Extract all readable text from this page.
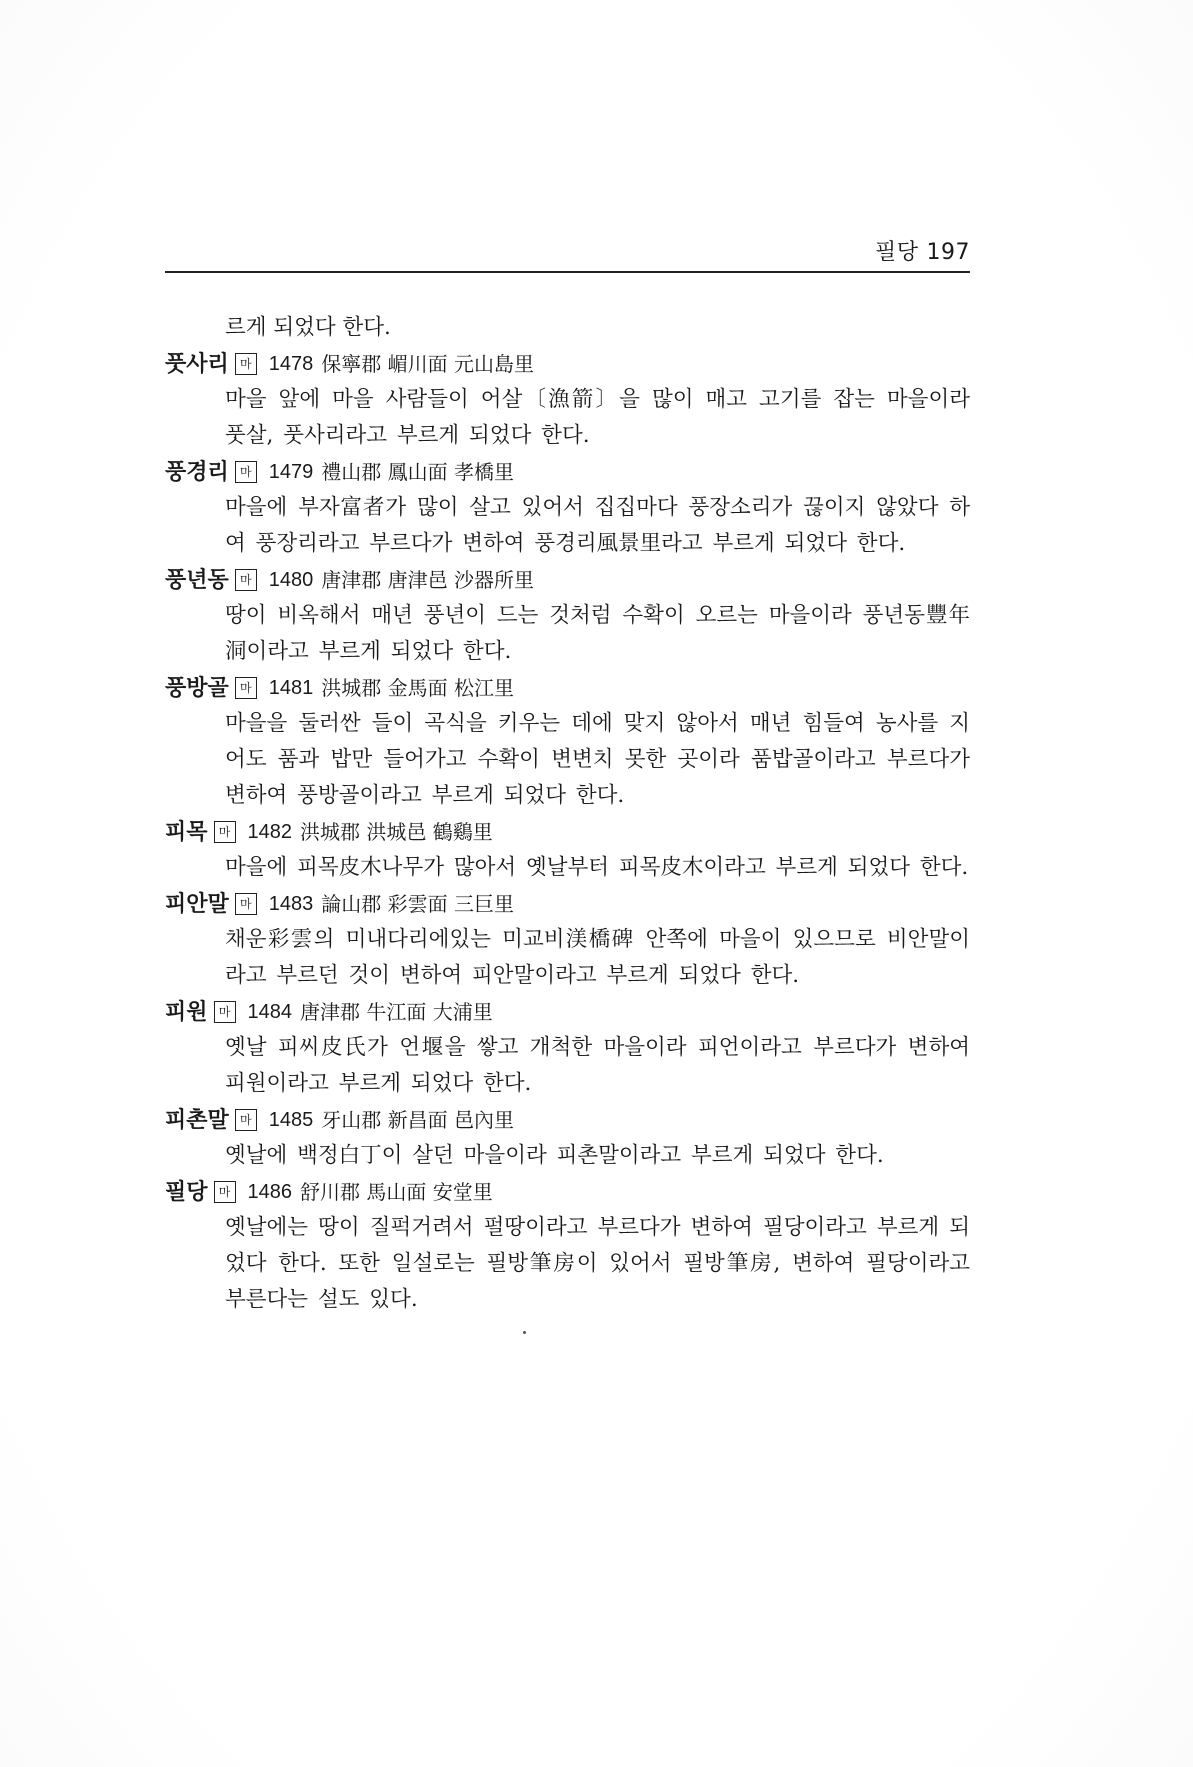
필당 197
르게 되었다 한다.
풋사리 마 1478 保寧郡 嵋川面 元山島里
마을 앞에 마을 사람들이 어살〔漁箭〕을 많이 매고 고기를 잡는 마을이라 풋살, 풋사리라고 부르게 되었다 한다.
풍경리 마 1479 禮山郡 鳳山面 孝橋里
마을에 부자富者가 많이 살고 있어서 집집마다 풍장소리가 끊이지 않았다 하여 풍장리라고 부르다가 변하여 풍경리風景里라고 부르게 되었다 한다.
풍년동 마 1480 唐津郡 唐津邑 沙器所里
땅이 비옥해서 매년 풍년이 드는 것처럼 수확이 오르는 마을이라 풍년동豐年洞이라고 부르게 되었다 한다.
풍방골 마 1481 洪城郡 金馬面 松江里
마을을 둘러싼 들이 곡식을 키우는 데에 맞지 않아서 매년 힘들여 농사를 지어도 품과 밥만 들어가고 수확이 변변치 못한 곳이라 품밥골이라고 부르다가 변하여 풍방골이라고 부르게 되었다 한다.
피목 마 1482 洪城郡 洪城邑 鶴鷄里
마을에 피목皮木나무가 많아서 옛날부터 피목皮木이라고 부르게 되었다 한다.
피안말 마 1483 論山郡 彩雲面 三巨里
채운彩雲의 미내다리에있는 미교비渼橋碑 안쪽에 마을이 있으므로 비안말이라고 부르던 것이 변하여 피안말이라고 부르게 되었다 한다.
피원 마 1484 唐津郡 牛江面 大浦里
옛날 피씨皮氏가 언堰을 쌓고 개척한 마을이라 피언이라고 부르다가 변하여 피원이라고 부르게 되었다 한다.
피촌말 마 1485 牙山郡 新昌面 邑內里
옛날에 백정白丁이 살던 마을이라 피촌말이라고 부르게 되었다 한다.
필당 마 1486 舒川郡 馬山面 安堂里
옛날에는 땅이 질퍽거려서 펄땅이라고 부르다가 변하여 필당이라고 부르게 되었다 한다. 또한 일설로는 필방筆房이 있어서 필방筆房, 변하여 필당이라고 부른다는 설도 있다.
